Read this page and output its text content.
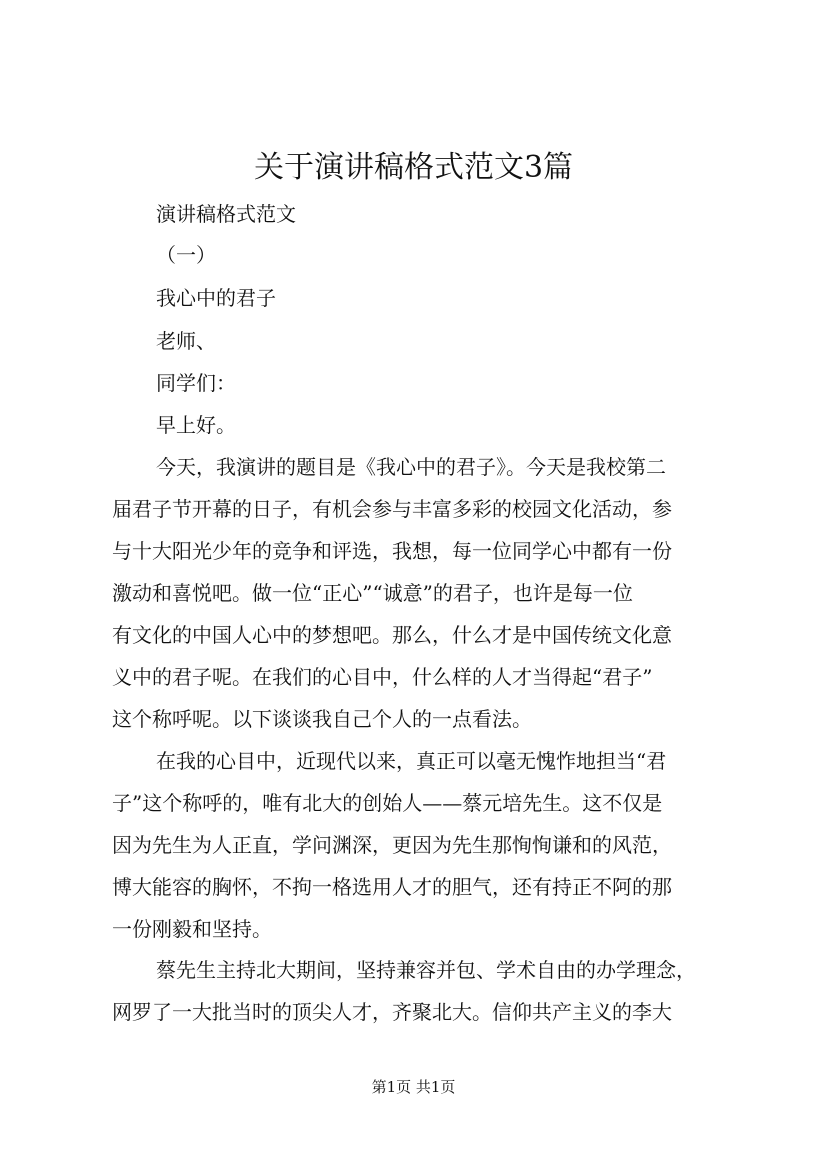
关于演讲稿格式范文3篇
演讲稿格式范文
（一）
我心中的君子
老师、
同学们：
早上好。
今天，我演讲的题目是《我心中的君子》。今天是我校第二
届君子节开幕的日子，有机会参与丰富多彩的校园文化活动，参
与十大阳光少年的竞争和评选，我想，每一位同学心中都有一份
激动和喜悦吧。做一位“正心”“诚意”的君子，也许是每一位
有文化的中国人心中的梦想吧。那么，什么才是中国传统文化意
义中的君子呢。在我们的心目中，什么样的人才当得起“君子”
这个称呼呢。以下谈谈我自己个人的一点看法。
在我的心目中，近现代以来，真正可以毫无愧怍地担当“君
子”这个称呼的，唯有北大的创始人——蔡元培先生。这不仅是
因为先生为人正直，学问渊深，更因为先生那恂恂谦和的风范，
博大能容的胸怀，不拘一格选用人才的胆气，还有持正不阿的那
一份刚毅和坚持。
蔡先生主持北大期间，坚持兼容并包、学术自由的办学理念，
网罗了一大批当时的顶尖人才，齐聚北大。信仰共产主义的李大
第1页 共1页
